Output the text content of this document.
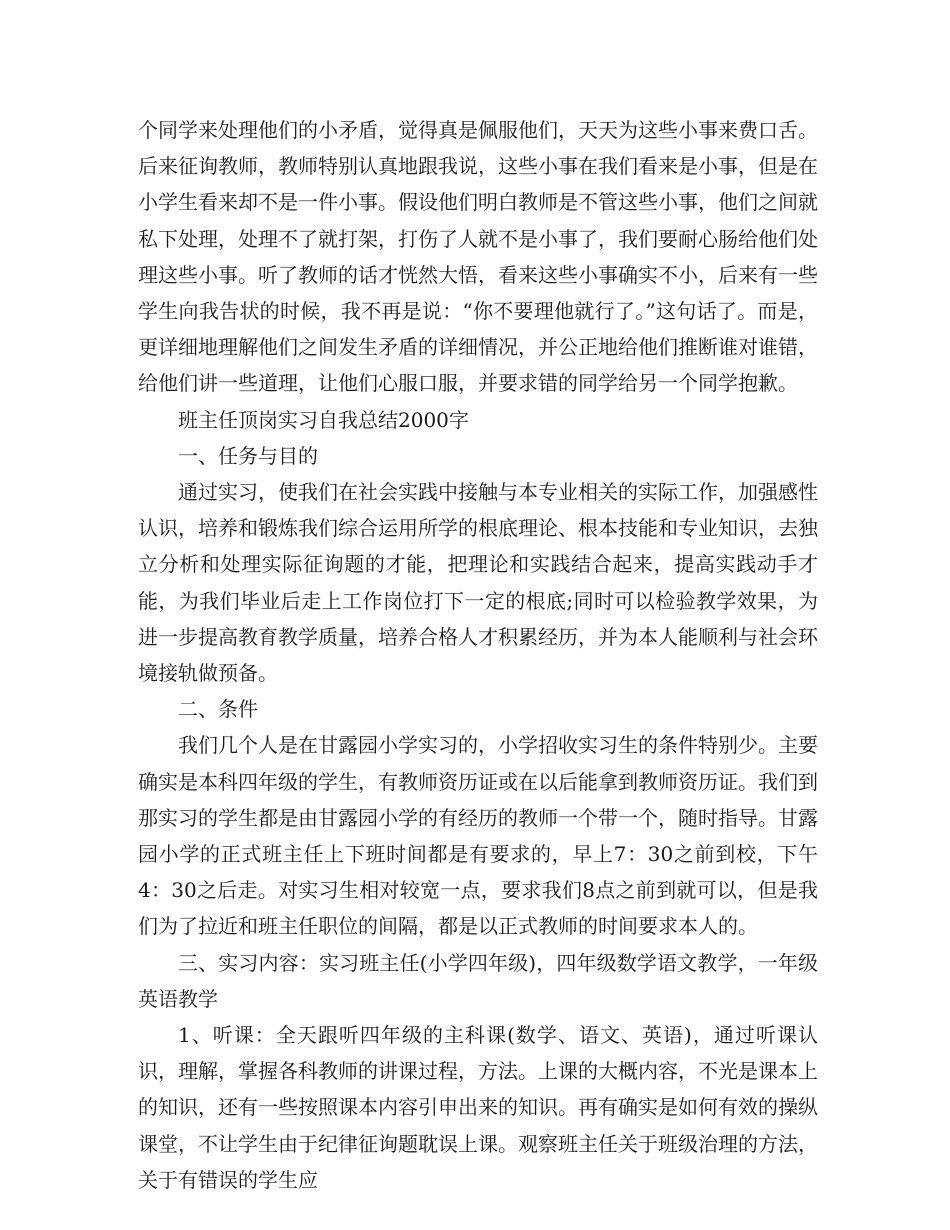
个同学来处理他们的小矛盾，觉得真是佩服他们，天天为这些小事来费口舌。后来征询教师，教师特别认真地跟我说，这些小事在我们看来是小事，但是在小学生看来却不是一件小事。假设他们明白教师是不管这些小事，他们之间就私下处理，处理不了就打架，打伤了人就不是小事了，我们要耐心肠给他们处理这些小事。听了教师的话才恍然大悟，看来这些小事确实不小，后来有一些学生向我告状的时候，我不再是说：“你不要理他就行了。”这句话了。而是，更详细地理解他们之间发生矛盾的详细情况，并公正地给他们推断谁对谁错，给他们讲一些道理，让他们心服口服，并要求错的同学给另一个同学抱歉。

班主任顶岗实习自我总结2000字

一、任务与目的

通过实习，使我们在社会实践中接触与本专业相关的实际工作，加强感性认识，培养和锻炼我们综合运用所学的根底理论、根本技能和专业知识，去独立分析和处理实际征询题的才能，把理论和实践结合起来，提高实践动手才能，为我们毕业后走上工作岗位打下一定的根底;同时可以检验教学效果，为进一步提高教育教学质量，培养合格人才积累经历，并为本人能顺利与社会环境接轨做预备。

二、条件

我们几个人是在甘露园小学实习的，小学招收实习生的条件特别少。主要确实是本科四年级的学生，有教师资历证或在以后能拿到教师资历证。我们到那实习的学生都是由甘露园小学的有经历的教师一个带一个，随时指导。甘露园小学的正式班主任上下班时间都是有要求的，早上7：30之前到校，下午4：30之后走。对实习生相对较宽一点，要求我们8点之前到就可以，但是我们为了拉近和班主任职位的间隔，都是以正式教师的时间要求本人的。

三、实习内容：实习班主任(小学四年级)，四年级数学语文教学，一年级英语教学

1、听课：全天跟听四年级的主科课(数学、语文、英语)，通过听课认识，理解，掌握各科教师的讲课过程，方法。上课的大概内容，不光是课本上的知识，还有一些按照课本内容引申出来的知识。再有确实是如何有效的操纵课堂，不让学生由于纪律征询题耽误上课。观察班主任关于班级治理的方法，关于有错误的学生应
